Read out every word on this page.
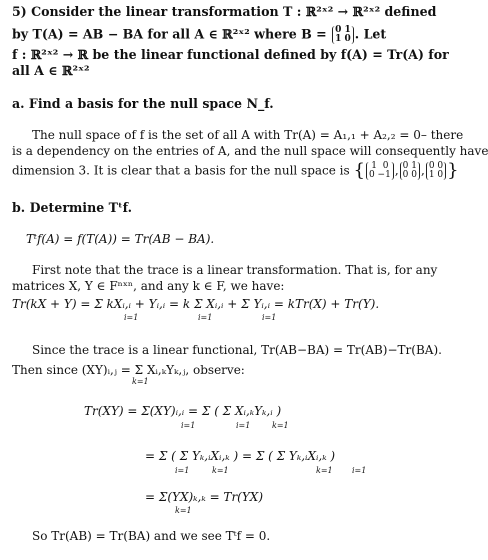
5) Consider the linear transformation T : ℝ²ˣ² → ℝ²ˣ² defined
by T(A) = AB − BA for all A ∈ ℝ²ˣ² where B = 0 1
1 0 . Let
f : ℝ²ˣ² → ℝ be the linear functional defined by f(A) = Tr(A) for
all A ∈ ℝ²ˣ²
a. Find a basis for the null space N_f.
The null space of f is the set of all A with Tr(A) = A₁,₁ + A₂,₂ = 0– there
is a dependency on the entries of A, and the null space will consequently have
dimension 3. It is clear that a basis for the null space is { 1  0
0 −1 , 0 1
0 0 , 0 0
1 0 }
b. Determine Tᵗf.
Tᵗf(A) = f(T(A)) = Tr(AB − BA).
First note that the trace is a linear transformation. That is, for any
matrices X, Y ∈ Fⁿˣⁿ, and any k ∈ F, we have:
Tr(kX + Y) = Σ kXᵢ,ᵢ + Yᵢ,ᵢ = k Σ Xᵢ,ᵢ + Σ Yᵢ,ᵢ = kTr(X) + Tr(Y).
i=1	i=1	i=1
Since the trace is a linear functional, Tr(AB−BA) = Tr(AB)−Tr(BA).
Then since (XY)ᵢ,ⱼ = Σ Xᵢ,ₖYₖ,ⱼ, observe:
k=1
Tr(XY) = Σ(XY)ᵢ,ᵢ = Σ ( Σ Xᵢ,ₖYₖ,ᵢ )
i=1	i=1	k=1
= Σ ( Σ Yₖ,ᵢXᵢ,ₖ ) = Σ ( Σ Yₖ,ᵢXᵢ,ₖ )
i=1	k=1	k=1 i=1
= Σ(YX)ₖ,ₖ = Tr(YX)
k=1
So Tr(AB) = Tr(BA) and we see Tᵗf = 0.
